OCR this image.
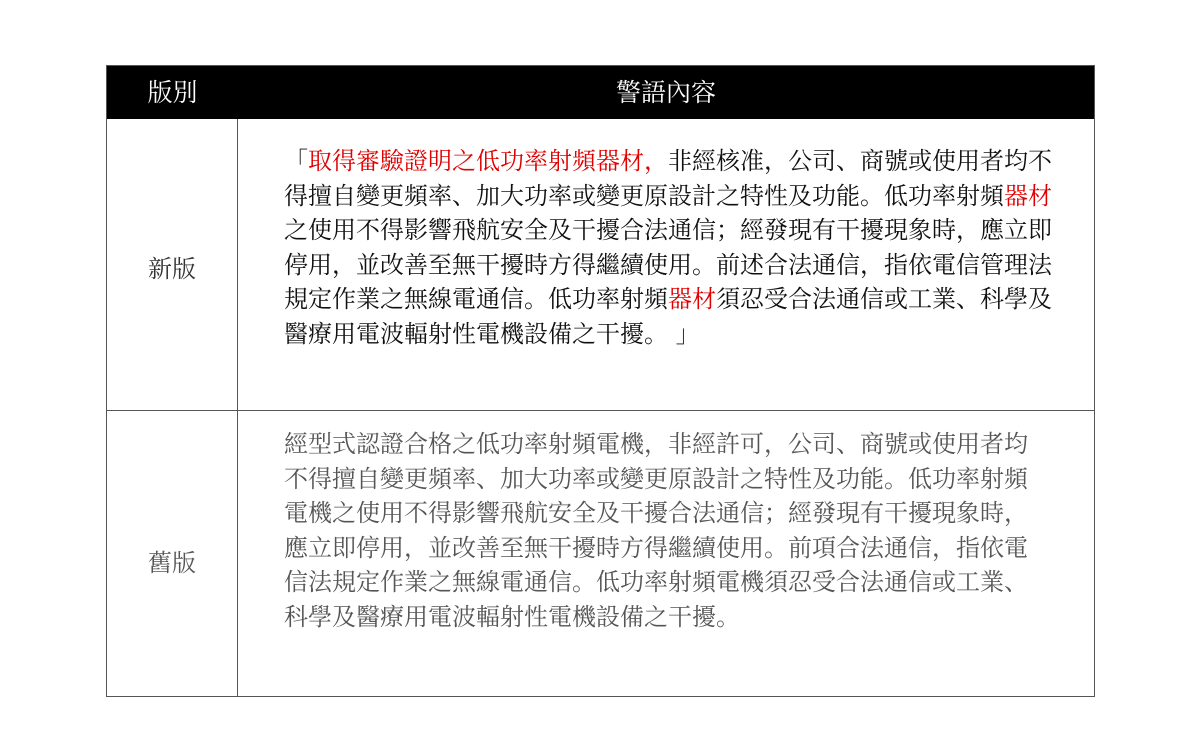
版別	警語內容
新版

「取得審驗證明之低功率射頻器材，非經核准，公司、商號或使用者均不得擅自變更頻率、加大功率或變更原設計之特性及功能。低功率射頻器材之使用不得影響飛航安全及干擾合法通信；經發現有干擾現象時，應立即停用，並改善至無干擾時方得繼續使用。前述合法通信，指依電信管理法規定作業之無線電通信。低功率射頻器材須忍受合法通信或工業、科學及醫療用電波輻射性電機設備之干擾。 」

舊版

經型式認證合格之低功率射頻電機，非經許可，公司、商號或使用者均不得擅自變更頻率、加大功率或變更原設計之特性及功能。低功率射頻電機之使用不得影響飛航安全及干擾合法通信；經發現有干擾現象時，應立即停用，並改善至無干擾時方得繼續使用。前項合法通信，指依電信法規定作業之無線電通信。低功率射頻電機須忍受合法通信或工業、科學及醫療用電波輻射性電機設備之干擾。
